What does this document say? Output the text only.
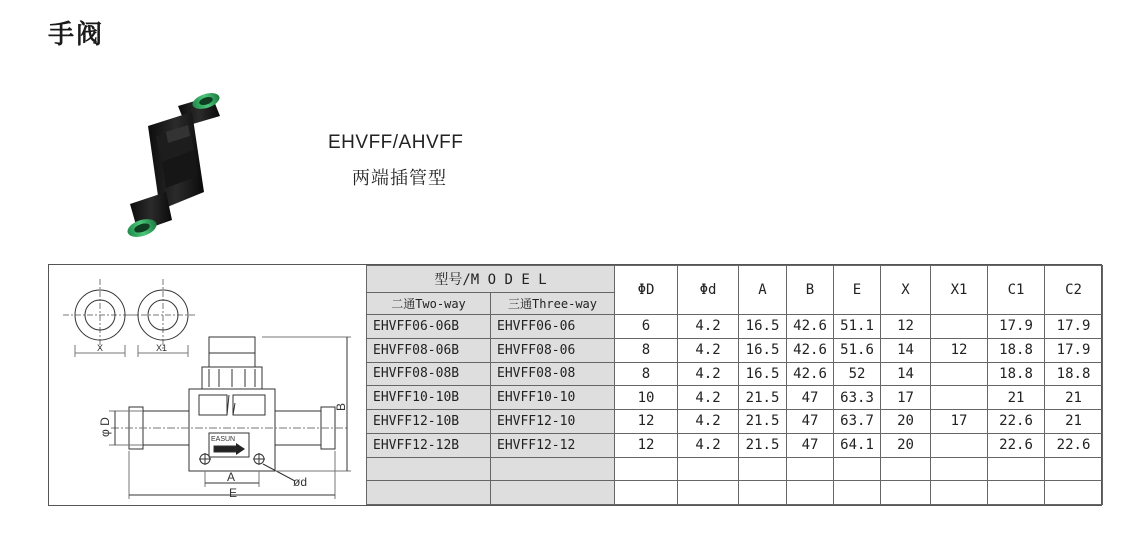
手阀
EHVFF/AHVFF
两端插管型
X	X1
EASUN
ød
A
E
B
φ D
型号/M O D E L		ΦD	Φd	A	B	E	X	X1	C1	C2
二通Two-way	三通Three-way									
EHVFF06-06B	EHVFF06-06	6	4.2	16.5	42.6	51.1	12		17.9	17.9
EHVFF08-06B	EHVFF08-06	8	4.2	16.5	42.6	51.6	14	12	18.8	17.9
EHVFF08-08B	EHVFF08-08	8	4.2	16.5	42.6	52	14		18.8	18.8
EHVFF10-10B	EHVFF10-10	10	4.2	21.5	47	63.3	17		21	21
EHVFF12-10B	EHVFF12-10	12	4.2	21.5	47	63.7	20	17	22.6	21
EHVFF12-12B	EHVFF12-12	12	4.2	21.5	47	64.1	20		22.6	22.6
